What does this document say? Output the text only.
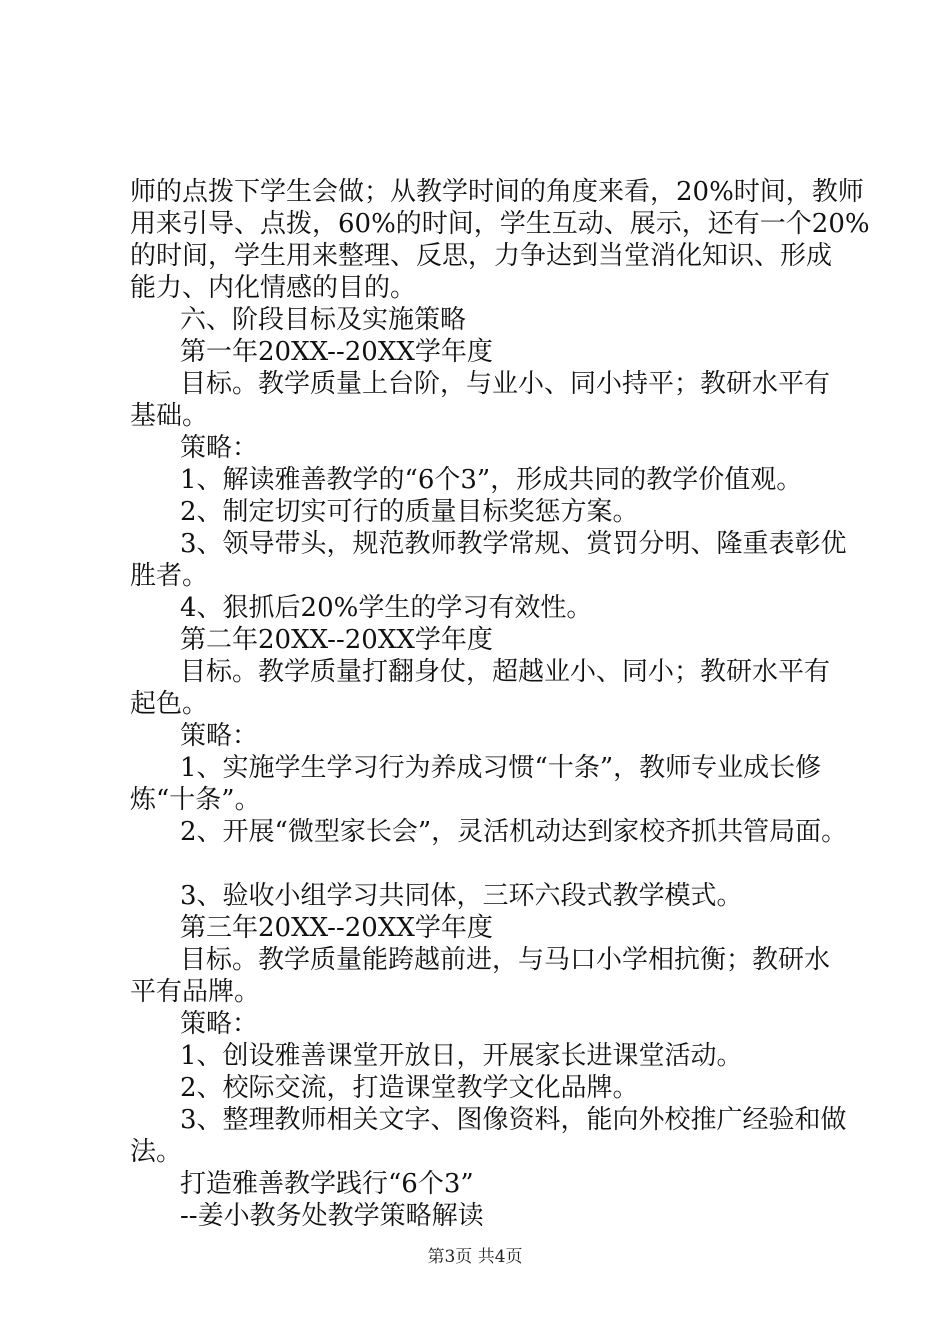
师的点拨下学生会做；从教学时间的角度来看，20%时间，教师
用来引导、点拨，60%的时间，学生互动、展示，还有一个20%
的时间，学生用来整理、反思，力争达到当堂消化知识、形成
能力、内化情感的目的。
六、阶段目标及实施策略
第一年20XX--20XX学年度
目标。教学质量上台阶，与业小、同小持平；教研水平有
基础。
策略：
1、解读雅善教学的“6个3”，形成共同的教学价值观。
2、制定切实可行的质量目标奖惩方案。
3、领导带头，规范教师教学常规、赏罚分明、隆重表彰优
胜者。
4、狠抓后20%学生的学习有效性。
第二年20XX--20XX学年度
目标。教学质量打翻身仗，超越业小、同小；教研水平有
起色。
策略：
1、实施学生学习行为养成习惯“十条”，教师专业成长修
炼“十条”。
2、开展“微型家长会”，灵活机动达到家校齐抓共管局面。
3、验收小组学习共同体，三环六段式教学模式。
第三年20XX--20XX学年度
目标。教学质量能跨越前进，与马口小学相抗衡；教研水
平有品牌。
策略：
1、创设雅善课堂开放日，开展家长进课堂活动。
2、校际交流，打造课堂教学文化品牌。
3、整理教师相关文字、图像资料，能向外校推广经验和做
法。
打造雅善教学践行“6个3”
--姜小教务处教学策略解读
第3页 共4页
